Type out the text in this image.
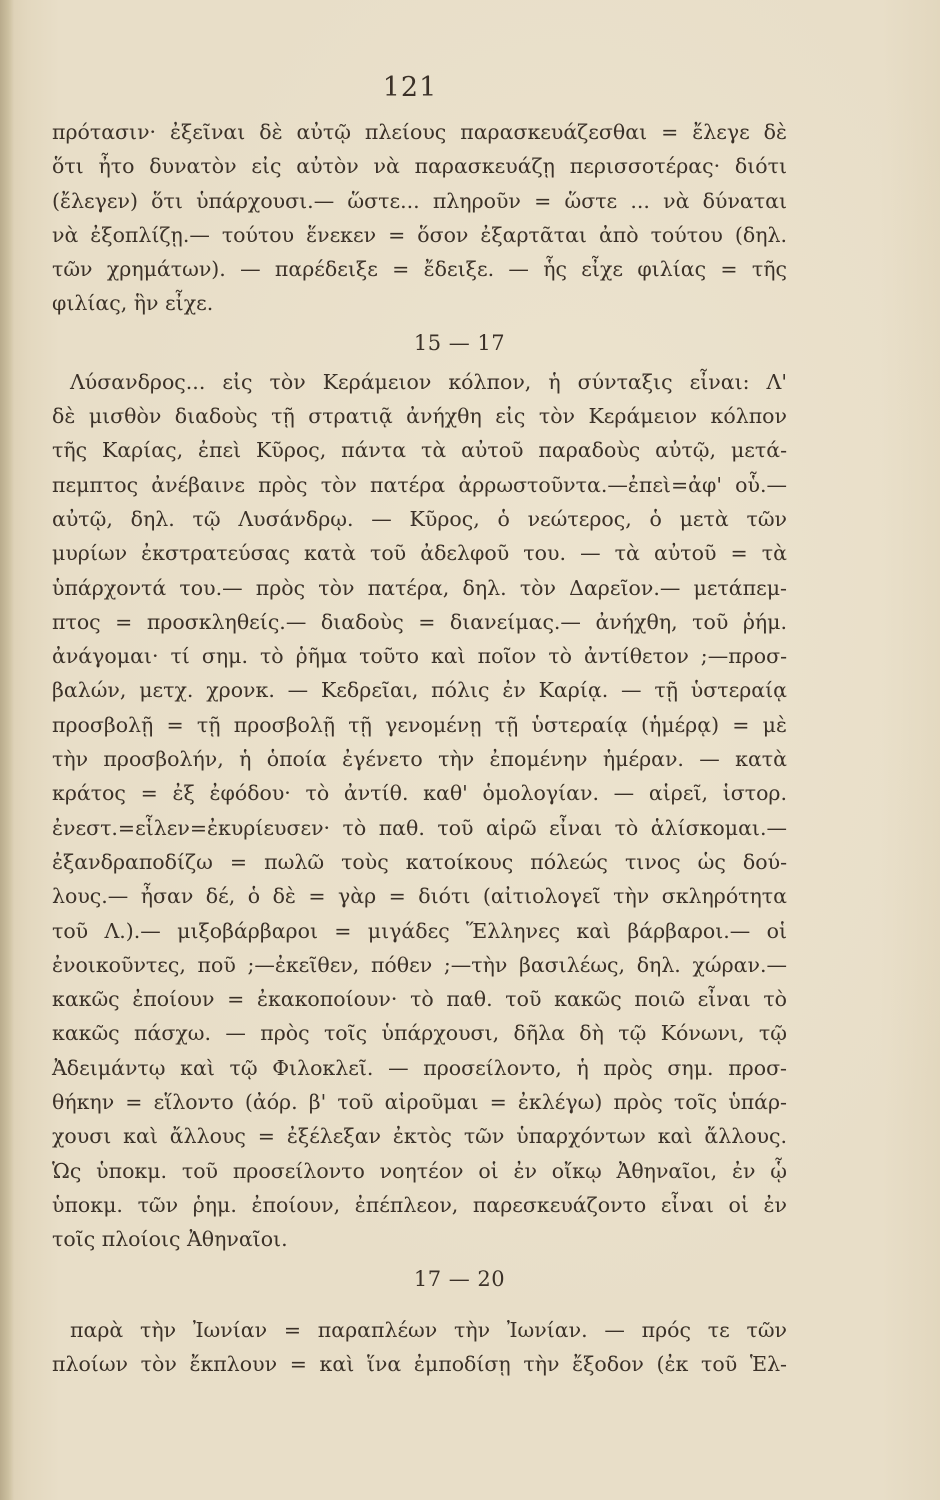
121
πρότασιν· ἐξεῖναι δὲ αὐτῷ πλείους παρασκευάζεσθαι = ἔλεγε δὲ
ὅτι ἦτο δυνατὸν εἰς αὐτὸν νὰ παρασκευάζῃ περισσοτέρας· διότι
(ἔλεγεν) ὅτι ὑπάρχουσι.— ὥστε... πληροῦν = ὥστε ... νὰ δύναται
νὰ ἐξοπλίζῃ.— τούτου ἕνεκεν = ὅσον ἐξαρτᾶται ἀπὸ τούτου (δηλ.
τῶν χρημάτων). — παρέδειξε = ἔδειξε. — ἧς εἶχε φιλίας = τῆς
φιλίας, ἣν εἶχε.
15 — 17
Λύσανδρος... εἰς τὸν Κεράμειον κόλπον, ἡ σύνταξις εἶναι: Λ'
δὲ μισθὸν διαδοὺς τῇ στρατιᾷ ἀνήχθη εἰς τὸν Κεράμειον κόλπον
τῆς Καρίας, ἐπεὶ Κῦρος, πάντα τὰ αὐτοῦ παραδοὺς αὐτῷ, μετά-
πεμπτος ἀνέβαινε πρὸς τὸν πατέρα ἀρρωστοῦντα.—ἐπεὶ=ἀφ' οὗ.—
αὐτῷ, δηλ. τῷ Λυσάνδρῳ. — Κῦρος, ὁ νεώτερος, ὁ μετὰ τῶν
μυρίων ἐκστρατεύσας κατὰ τοῦ ἀδελφοῦ του. — τὰ αὐτοῦ = τὰ
ὑπάρχοντά του.— πρὸς τὸν πατέρα, δηλ. τὸν Δαρεῖον.— μετάπεμ-
πτος = προσκληθείς.— διαδοὺς = διανείμας.— ἀνήχθη, τοῦ ῥήμ.
ἀνάγομαι· τί σημ. τὸ ῥῆμα τοῦτο καὶ ποῖον τὸ ἀντίθετον ;—προσ-
βαλών, μετχ. χρονκ. — Κεδρεῖαι, πόλις ἐν Καρίᾳ. — τῇ ὑστεραίᾳ
προσβολῇ = τῇ προσβολῇ τῇ γενομένῃ τῇ ὑστεραίᾳ (ἡμέρᾳ) = μὲ
τὴν προσβολήν, ἡ ὁποία ἐγένετο τὴν ἐπομένην ἡμέραν. — κατὰ
κράτος = ἐξ ἐφόδου· τὸ ἀντίθ. καθ' ὁμολογίαν. — αἱρεῖ, ἱστορ.
ἐνεστ.=εἷλεν=ἐκυρίευσεν· τὸ παθ. τοῦ αἱρῶ εἶναι τὸ ἁλίσκομαι.—
ἐξανδραποδίζω = πωλῶ τοὺς κατοίκους πόλεώς τινος ὡς δού-
λους.— ἦσαν δέ, ὁ δὲ = γὰρ = διότι (αἰτιολογεῖ τὴν σκληρότητα
τοῦ Λ.).— μιξοβάρβαροι = μιγάδες Ἕλληνες καὶ βάρβαροι.— οἱ
ἐνοικοῦντες, ποῦ ;—ἐκεῖθεν, πόθεν ;—τὴν βασιλέως, δηλ. χώραν.—
κακῶς ἐποίουν = ἐκακοποίουν· τὸ παθ. τοῦ κακῶς ποιῶ εἶναι τὸ
κακῶς πάσχω. — πρὸς τοῖς ὑπάρχουσι, δῆλα δὴ τῷ Κόνωνι, τῷ
Ἀδειμάντῳ καὶ τῷ Φιλοκλεῖ. — προσείλοντο, ἡ πρὸς σημ. προσ-
θήκην = εἵλοντο (ἀόρ. β' τοῦ αἱροῦμαι = ἐκλέγω) πρὸς τοῖς ὑπάρ-
χουσι καὶ ἄλλους = ἐξέλεξαν ἐκτὸς τῶν ὑπαρχόντων καὶ ἄλλους.
Ὡς ὑποκμ. τοῦ προσείλοντο νοητέον οἱ ἐν οἴκῳ Ἀθηναῖοι, ἐν ᾧ
ὑποκμ. τῶν ῥημ. ἐποίουν, ἐπέπλεον, παρεσκευάζοντο εἶναι οἱ ἐν
τοῖς πλοίοις Ἀθηναῖοι.
17 — 20
παρὰ τὴν Ἰωνίαν = παραπλέων τὴν Ἰωνίαν. — πρός τε τῶν
πλοίων τὸν ἔκπλουν = καὶ ἵνα ἐμποδίσῃ τὴν ἔξοδον (ἐκ τοῦ Ἑλ-
